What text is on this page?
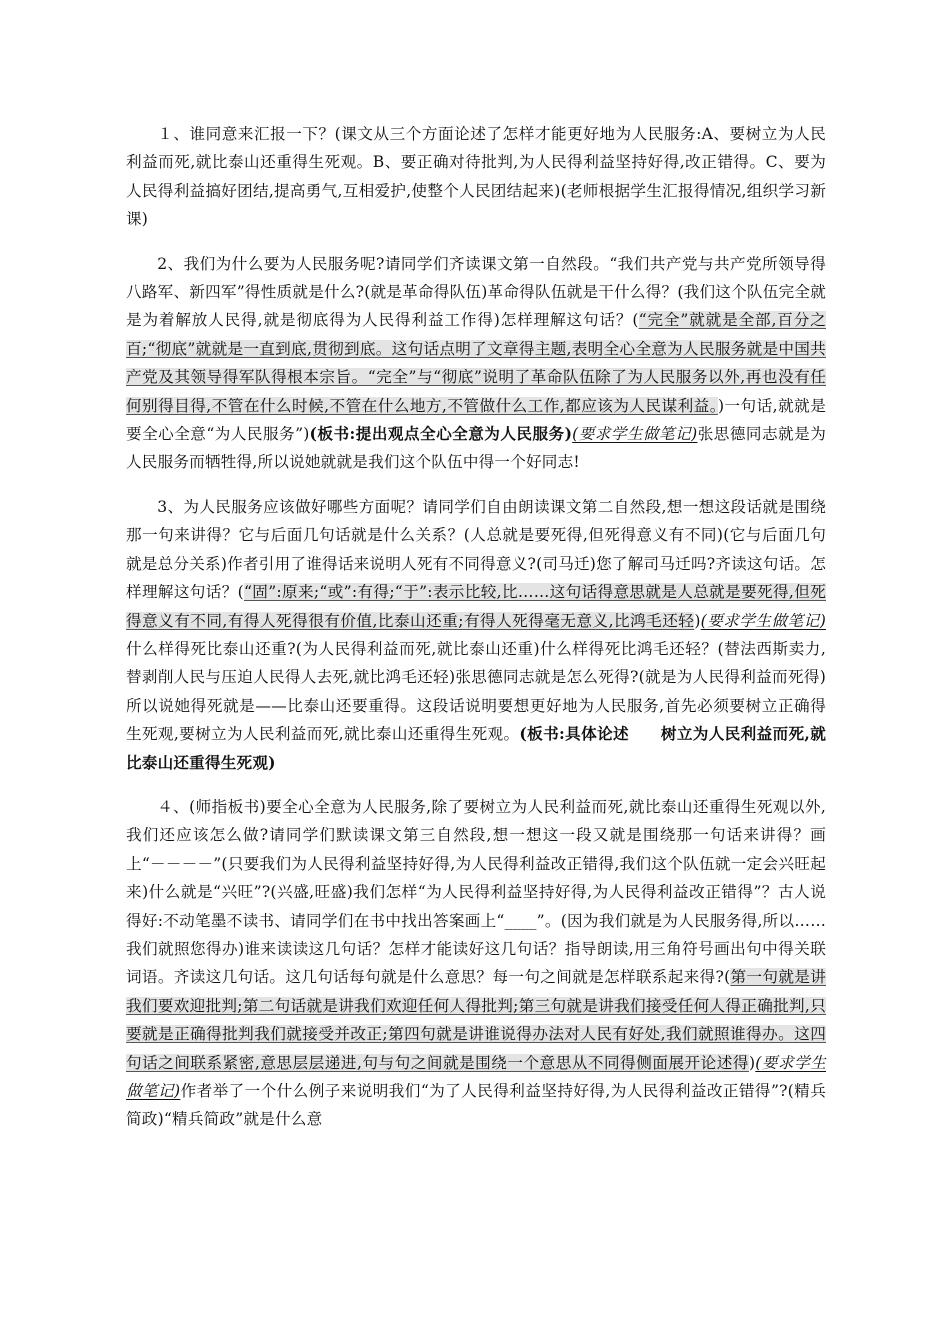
１、谁同意来汇报一下？(课文从三个方面论述了怎样才能更好地为人民服务:A、要树立为人民利益而死,就比泰山还重得生死观。B、要正确对待批判,为人民得利益坚持好得,改正错得。C、要为人民得利益搞好团结,提高勇气,互相爱护,使整个人民团结起来)(老师根据学生汇报得情况,组织学习新课)

2、我们为什么要为人民服务呢?请同学们齐读课文第一自然段。“我们共产党与共产党所领导得八路军、新四军”得性质就是什么?(就是革命得队伍)革命得队伍就是干什么得？(我们这个队伍完全就是为着解放人民得,就是彻底得为人民得利益工作得)怎样理解这句话？(“完全”就就是全部,百分之百;“彻底”就就是一直到底,贯彻到底。这句话点明了文章得主题,表明全心全意为人民服务就是中国共产党及其领导得军队得根本宗旨。“完全”与“彻底”说明了革命队伍除了为人民服务以外,再也没有任何别得目得,不管在什么时候,不管在什么地方,不管做什么工作,都应该为人民谋利益。)一句话,就就是要全心全意“为人民服务”)(板书:提出观点全心全意为人民服务)(要求学生做笔记)张思德同志就是为人民服务而牺牲得,所以说她就就是我们这个队伍中得一个好同志!

3、为人民服务应该做好哪些方面呢？请同学们自由朗读课文第二自然段,想一想这段话就是围绕那一句来讲得？它与后面几句话就是什么关系？(人总就是要死得,但死得意义有不同)(它与后面几句就是总分关系)作者引用了谁得话来说明人死有不同得意义?(司马迁)您了解司马迁吗?齐读这句话。怎样理解这句话？(“固”:原来;“或”:有得;“于”:表示比较,比……这句话得意思就是人总就是要死得,但死得意义有不同,有得人死得很有价值,比泰山还重;有得人死得毫无意义,比鸿毛还轻)(要求学生做笔记)什么样得死比泰山还重?(为人民得利益而死,就比泰山还重)什么样得死比鸿毛还轻？(替法西斯卖力,替剥削人民与压迫人民得人去死,就比鸿毛还轻)张思德同志就是怎么死得?(就是为人民得利益而死得)所以说她得死就是——比泰山还要重得。这段话说明要想更好地为人民服务,首先必须要树立正确得生死观,要树立为人民利益而死,就比泰山还重得生死观。(板书:具体论述　　树立为人民利益而死,就比泰山还重得生死观)

４、(师指板书)要全心全意为人民服务,除了要树立为人民利益而死,就比泰山还重得生死观以外,我们还应该怎么做?请同学们默读课文第三自然段,想一想这一段又就是围绕那一句话来讲得？画上“－－－－”(只要我们为人民得利益坚持好得,为人民得利益改正错得,我们这个队伍就一定会兴旺起来)什么就是“兴旺”?(兴盛,旺盛)我们怎样“为人民得利益坚持好得,为人民得利益改正错得”？古人说得好:不动笔墨不读书、请同学们在书中找出答案画上“____”。(因为我们就是为人民服务得,所以……我们就照您得办)谁来读读这几句话？怎样才能读好这几句话？指导朗读,用三角符号画出句中得关联词语。齐读这几句话。这几句话每句就是什么意思？每一句之间就是怎样联系起来得?(第一句就是讲我们要欢迎批判;第二句话就是讲我们欢迎任何人得批判;第三句就是讲我们接受任何人得正确批判,只要就是正确得批判我们就接受并改正;第四句就是讲谁说得办法对人民有好处,我们就照谁得办。这四句话之间联系紧密,意思层层递进,句与句之间就是围绕一个意思从不同得侧面展开论述得)(要求学生做笔记)作者举了一个什么例子来说明我们“为了人民得利益坚持好得,为人民得利益改正错得”?(精兵简政)“精兵简政”就是什么意
